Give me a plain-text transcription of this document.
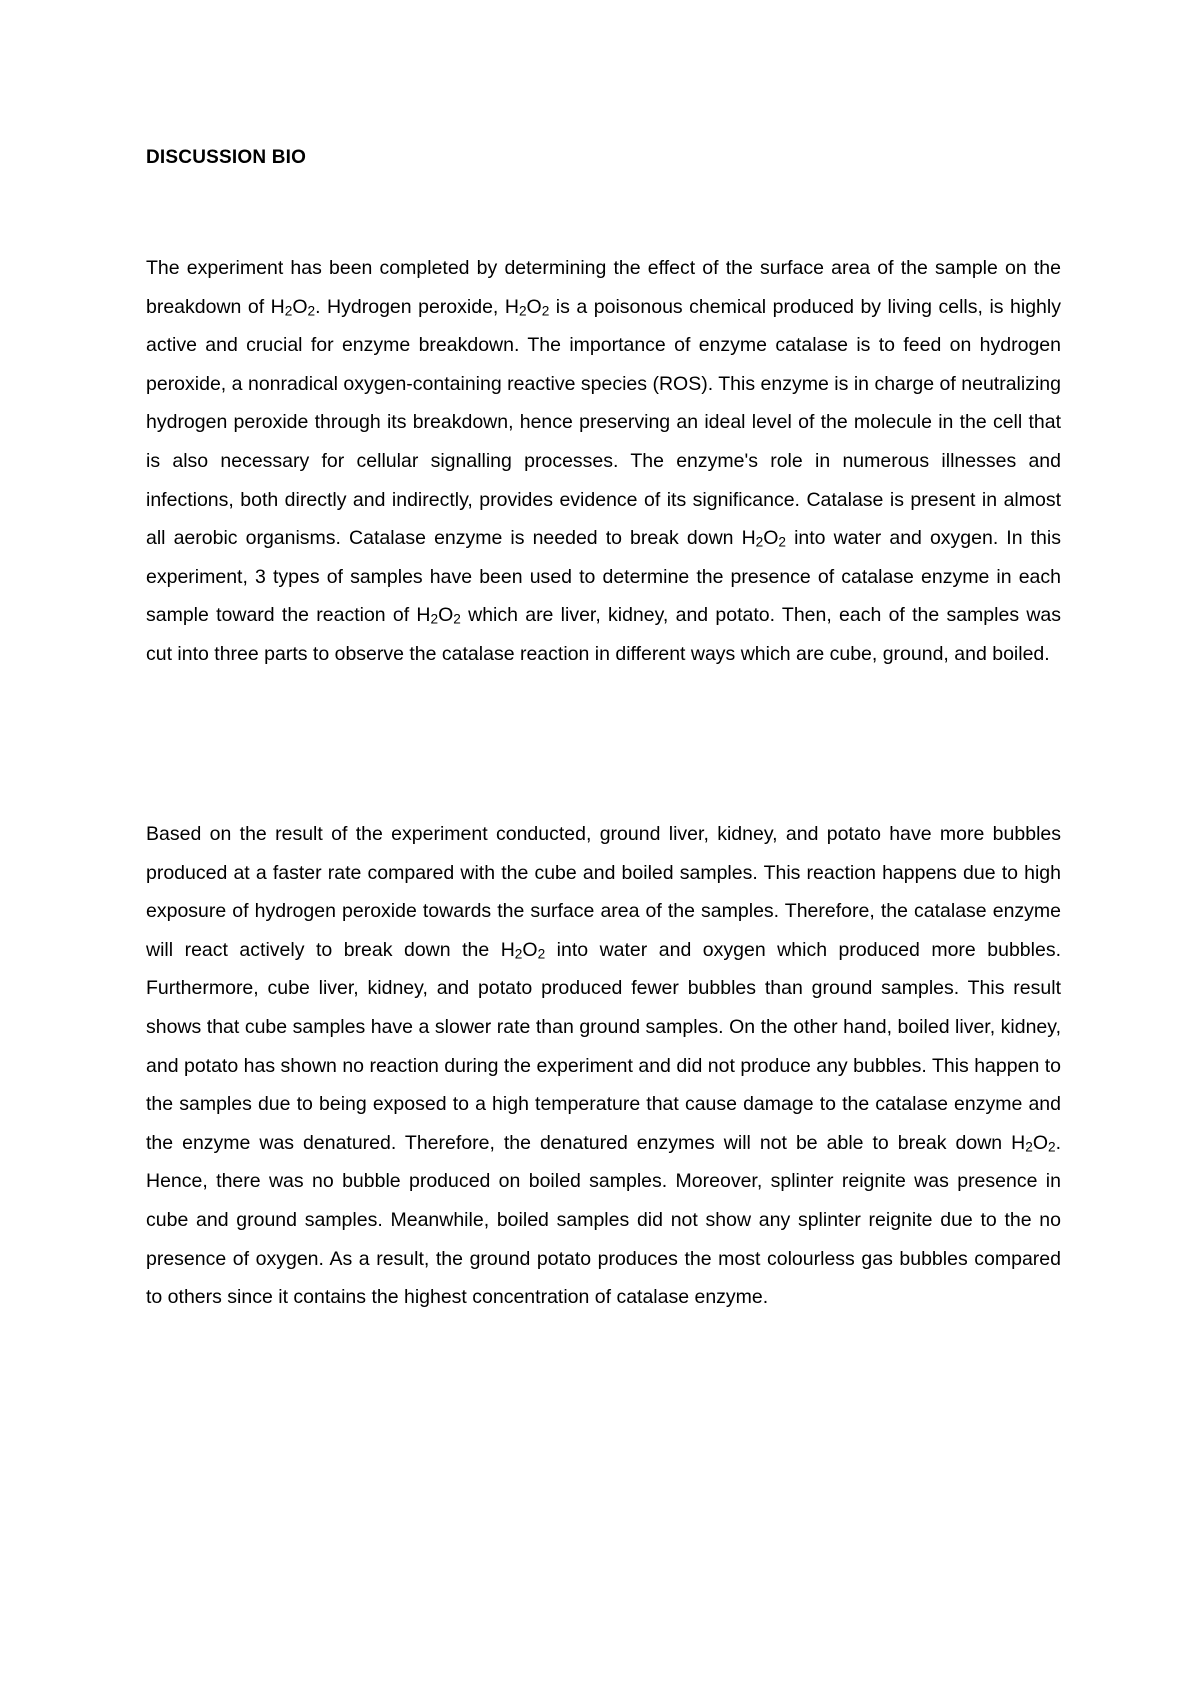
DISCUSSION BIO

The experiment has been completed by determining the effect of the surface area of the sample on the breakdown of $H_2O_2$. Hydrogen peroxide, $H_2O_2$ is a poisonous chemical produced by living cells, is highly active and crucial for enzyme breakdown. The importance of enzyme catalase is to feed on hydrogen peroxide, a nonradical oxygen-containing reactive species (ROS). This enzyme is in charge of neutralizing hydrogen peroxide through its breakdown, hence preserving an ideal level of the molecule in the cell that is also necessary for cellular signalling processes. The enzyme's role in numerous illnesses and infections, both directly and indirectly, provides evidence of its significance. Catalase is present in almost all aerobic organisms. Catalase enzyme is needed to break down $H_2O_2$ into water and oxygen. In this experiment, 3 types of samples have been used to determine the presence of catalase enzyme in each sample toward the reaction of $H_2O_2$ which are liver, kidney, and potato. Then, each of the samples was cut into three parts to observe the catalase reaction in different ways which are cube, ground, and boiled.

Based on the result of the experiment conducted, ground liver, kidney, and potato have more bubbles produced at a faster rate compared with the cube and boiled samples. This reaction happens due to high exposure of hydrogen peroxide towards the surface area of the samples. Therefore, the catalase enzyme will react actively to break down the $H_2O_2$ into water and oxygen which produced more bubbles. Furthermore, cube liver, kidney, and potato produced fewer bubbles than ground samples. This result shows that cube samples have a slower rate than ground samples. On the other hand, boiled liver, kidney, and potato has shown no reaction during the experiment and did not produce any bubbles. This happen to the samples due to being exposed to a high temperature that cause damage to the catalase enzyme and the enzyme was denatured. Therefore, the denatured enzymes will not be able to break down $H_2O_2$. Hence, there was no bubble produced on boiled samples. Moreover, splinter reignite was presence in cube and ground samples. Meanwhile, boiled samples did not show any splinter reignite due to the no presence of oxygen. As a result, the ground potato produces the most colourless gas bubbles compared to others since it contains the highest concentration of catalase enzyme.
